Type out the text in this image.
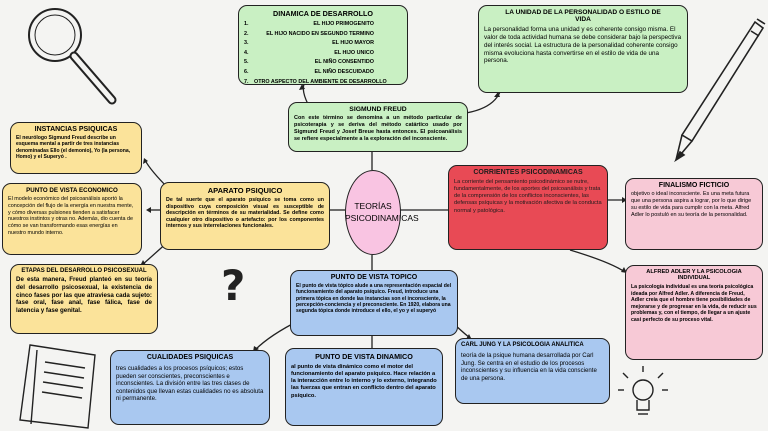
TEORÍAS PSICODINAMICAS
DINAMICA DE DESARROLLO
1.	EL HIJO PRIMOGENITO
2.	EL HIJO NACIDO EN SEGUNDO TERMINO
3.	EL HIJO MAYOR
4.	EL HIJO UNICO
5.	EL NIÑO CONSENTIDO
6.	EL NIÑO DESCUIDADO
7.	OTRO ASPECTO DEL AMBIENTE DE DESARROLLO
LA UNIDAD DE LA PERSONALIDAD O ESTILO DE VIDA
La personalidad forma una unidad y es coherente consigo misma. El valor de toda actividad humana se debe considerar bajo la perspectiva del interés social. La estructura de la personalidad coherente consigo misma evoluciona hasta convertirse en el estilo de vida de una persona.
SIGMUND FREUD
Con este término se denomina a un método particular de psicoterapia y se deriva del método catártico usado por Sigmund Freud y Josef Breue hasta entonces. El psicoanálisis se refiere especialmente a la exploración del inconsciente.
INSTANCIAS PSIQUICAS
El neurólogo Sigmund Freud describe un esquema mental a partir de tres instancias denominadas Ello (el demonio), Yo (la persona, Homo) y el Superyó .
PUNTO DE VISTA ECONOMICO
El modelo económico del psicoanálisis aportó la concepción del flujo de la energía en nuestra mente, y cómo diversas pulsiones tienden a satisfacer nuestros instintos y otras no. Además, dio cuenta de cómo se van transformando esas energías en nuestro mundo interno.
APARATO PSIQUICO
De tal suerte que el aparato psíquico se toma como un dispositivo cuya composición visual es susceptible de descripción en términos de su materialidad. Se define como cualquier otro dispositivo o artefacto: por los componentes internos y sus interrelaciones funcionales.
ETAPAS DEL DESARROLLO PSICOSEXUAL
De esta manera, Freud planteó en su teoría del desarrollo psicosexual, la existencia de cinco fases por las que atraviesa cada sujeto: fase oral, fase anal, fase fálica, fase de latencia y fase genital.
CORRIENTES PSICODINAMICAS
La corriente del pensamiento psicodinámico se nutre, fundamentalmente, de los aportes del psicoanálisis y trata de la comprensión de los conflictos inconscientes, las defensas psíquicas y la motivación afectiva de la conducta normal y patológica.
FINALISMO FICTICIO
objetivo o ideal inconsciente. Es una meta futura que una persona aspira a lograr, por lo que dirige su estilo de vida para cumplir con la meta. Alfred Adler lo postuló en su teoría de la personalidad.
ALFRED ADLER Y LA PSICOLOGIA INDIVIDUAL
La psicología individual es una teoría psicológica ideada por Alfred Adler. A diferencia de Freud, Adler creía que el hombre tiene posibilidades de mejorarse y de progresar en la vida, de reducir sus problemas y, con el tiempo, de llegar a un ajuste casi perfecto de su proceso vital.
PUNTO DE VISTA TOPICO
El punto de vista tópico alude a una representación espacial del funcionamiento del aparato psíquico. Freud, introduce una primera tópica en donde las instancias son el inconsciente, la percepción-conciencia y el preconsciente. En 1920, elabora una segunda tópica donde introduce el ello, el yo y el superyó
CUALIDADES PSIQUICAS
tres cualidades a los procesos psíquicos; estos pueden ser conscientes, preconscientes e inconscientes. La división entre las tres clases de contenidos que llevan estas cualidades no es absoluta ni permanente.
PUNTO DE VISTA DINAMICO
al punto de vista dinámico como el motor del funcionamiento del aparato psíquico. Hace relación a la interacción entre lo interno y lo externo, integrando las fuerzas que entran en conflicto dentro del aparato psíquico.
CARL JUNG Y LA PSICOLOGIA ANALITICA
teoría de la psique humana desarrollada por Carl Jung. Se centra en el estudio de los procesos inconscientes y su influencia en la vida consciente de una persona.
?
